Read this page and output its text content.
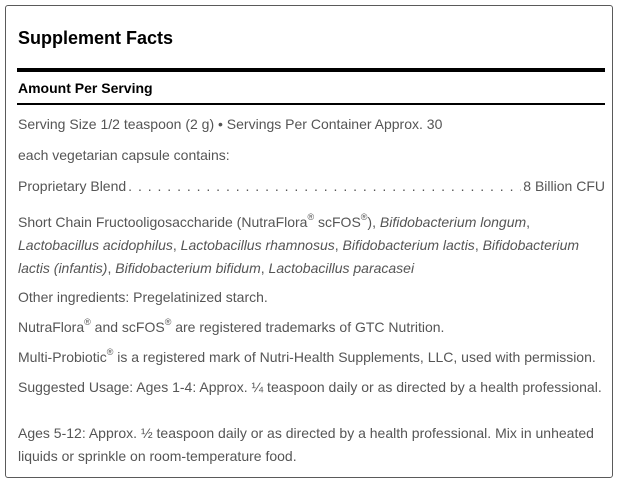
Supplement Facts
Amount Per Serving
Serving Size 1/2 teaspoon (2 g) • Servings Per Container Approx. 30
each vegetarian capsule contains:
Proprietary Blend
. . .	8 Billion CFU
Short Chain Fructooligosaccharide (NutraFlora® scFOS®), Bifidobacterium longum, Lactobacillus acidophilus, Lactobacillus rhamnosus, Bifidobacterium lactis, Bifidobacterium lactis (infantis), Bifidobacterium bifidum, Lactobacillus paracasei
Other ingredients: Pregelatinized starch.
NutraFlora® and scFOS® are registered trademarks of GTC Nutrition.
Multi-Probiotic® is a registered mark of Nutri-Health Supplements, LLC, used with permission.
Suggested Usage: Ages 1-4: Approx. ¼ teaspoon daily or as directed by a health professional.
Ages 5-12: Approx. ½ teaspoon daily or as directed by a health professional. Mix in unheated liquids or sprinkle on room-temperature food.
